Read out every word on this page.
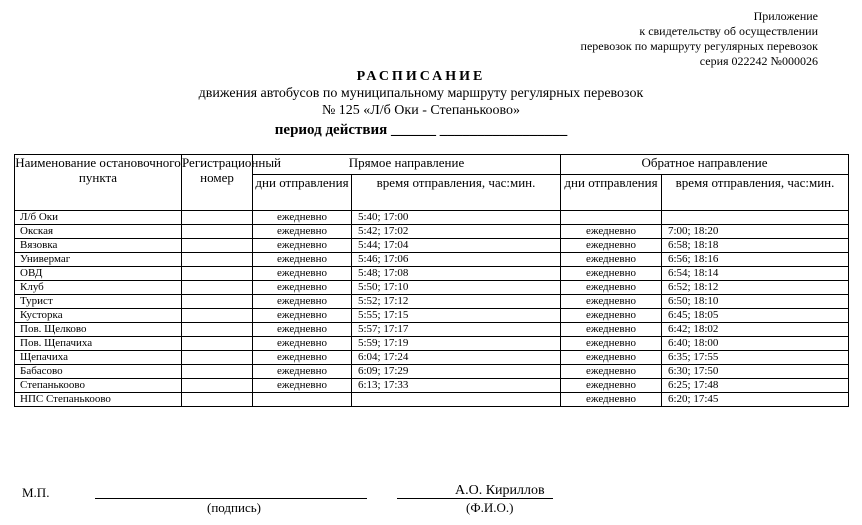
Приложение
к свидетельству об осуществлении
перевозок по маршруту регулярных перевозок
серия 022242 №000026
РАСПИСАНИЕ
движения автобусов по муниципальному маршруту регулярных перевозок
№ 125 «Л/б Оки - Степанькоово»
период действия ______ _________________
Наименование остановочного пункта	Регистрационный номер	Прямое направление		Обратное направление	
		дни отправления	время отправления, час:мин.	дни отправления	время отправления, час:мин.
Л/б Оки		ежедневно	5:40; 17:00		
Окская		ежедневно	5:42; 17:02	ежедневно	7:00; 18:20
Вязовка		ежедневно	5:44; 17:04	ежедневно	6:58; 18:18
Универмаг		ежедневно	5:46; 17:06	ежедневно	6:56; 18:16
ОВД		ежедневно	5:48; 17:08	ежедневно	6:54; 18:14
Клуб		ежедневно	5:50; 17:10	ежедневно	6:52; 18:12
Турист		ежедневно	5:52; 17:12	ежедневно	6:50; 18:10
Кусторка		ежедневно	5:55; 17:15	ежедневно	6:45; 18:05
Пов. Щелково		ежедневно	5:57; 17:17	ежедневно	6:42; 18:02
Пов. Щепачиха		ежедневно	5:59; 17:19	ежедневно	6:40; 18:00
Щепачиха		ежедневно	6:04; 17:24	ежедневно	6:35; 17:55
Бабасово		ежедневно	6:09; 17:29	ежедневно	6:30; 17:50
Степанькоово		ежедневно	6:13; 17:33	ежедневно	6:25; 17:48
НПС Степанькоово				ежедневно	6:20; 17:45
М.П.
(подпись)
А.О. Кириллов
(Ф.И.О.)
